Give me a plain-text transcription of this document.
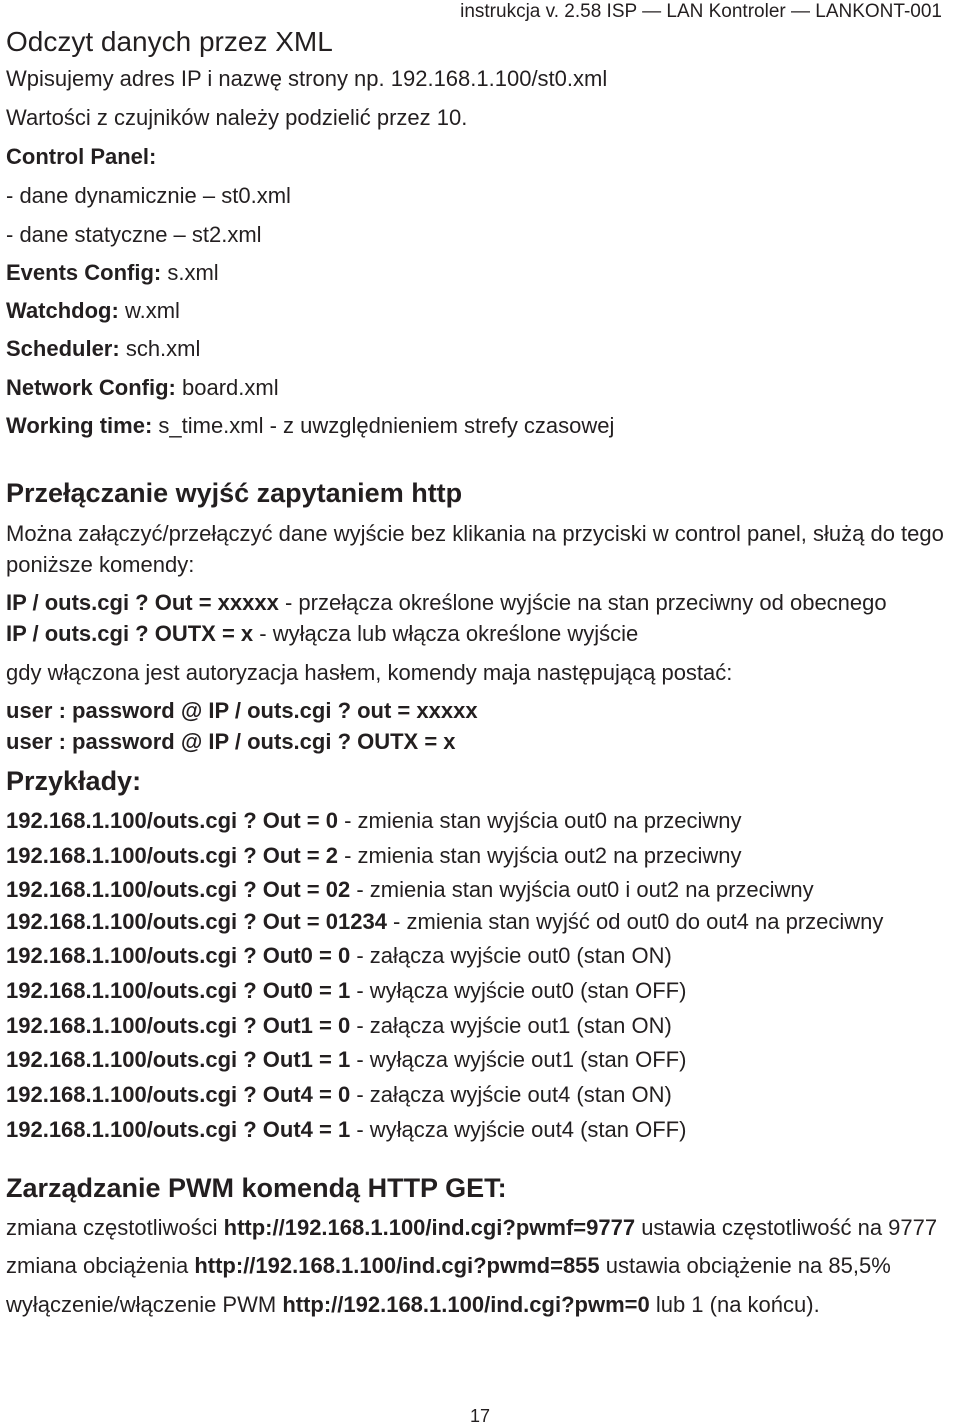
instrukcja v. 2.58 ISP — LAN Kontroler — LANKONT-001
Odczyt danych przez XML
Wpisujemy adres IP i nazwę strony np. 192.168.1.100/st0.xml
Wartości z czujników należy podzielić przez 10.
Control Panel:
- dane dynamicznie – st0.xml
- dane statyczne – st2.xml
Events Config: s.xml
Watchdog: w.xml
Scheduler: sch.xml
Network Config: board.xml
Working time: s_time.xml - z uwzględnieniem strefy czasowej
Przełączanie wyjść zapytaniem http
Można załączyć/przełączyć dane wyjście bez klikania na przyciski w control panel, służą do tego poniższe komendy:
IP / outs.cgi ? Out = xxxxx - przełącza określone wyjście na stan przeciwny od obecnego
IP / outs.cgi ? OUTX = x - wyłącza lub włącza określone wyjście
gdy włączona jest autoryzacja hasłem, komendy maja następującą postać:
user : password @ IP / outs.cgi ? out = xxxxx
user : password @ IP / outs.cgi ? OUTX = x
Przykłady:
192.168.1.100/outs.cgi ? Out = 0 - zmienia stan wyjścia out0 na przeciwny
192.168.1.100/outs.cgi ? Out = 2 - zmienia stan wyjścia out2 na przeciwny
192.168.1.100/outs.cgi ? Out = 02 - zmienia stan wyjścia out0 i out2 na przeciwny
192.168.1.100/outs.cgi ? Out = 01234 - zmienia stan wyjść od out0 do out4 na przeciwny
192.168.1.100/outs.cgi ? Out0 = 0 - załącza wyjście out0 (stan ON)
192.168.1.100/outs.cgi ? Out0 = 1 - wyłącza wyjście out0 (stan OFF)
192.168.1.100/outs.cgi ? Out1 = 0 - załącza wyjście out1 (stan ON)
192.168.1.100/outs.cgi ? Out1 = 1 - wyłącza wyjście out1 (stan OFF)
192.168.1.100/outs.cgi ? Out4 = 0 - załącza wyjście out4 (stan ON)
192.168.1.100/outs.cgi ? Out4 = 1 - wyłącza wyjście out4 (stan OFF)
Zarządzanie PWM komendą HTTP GET:
zmiana częstotliwości http://192.168.1.100/ind.cgi?pwmf=9777 ustawia częstotliwość na 9777
zmiana obciążenia http://192.168.1.100/ind.cgi?pwmd=855 ustawia obciążenie na 85,5%
wyłączenie/włączenie PWM http://192.168.1.100/ind.cgi?pwm=0 lub 1 (na końcu).
17
